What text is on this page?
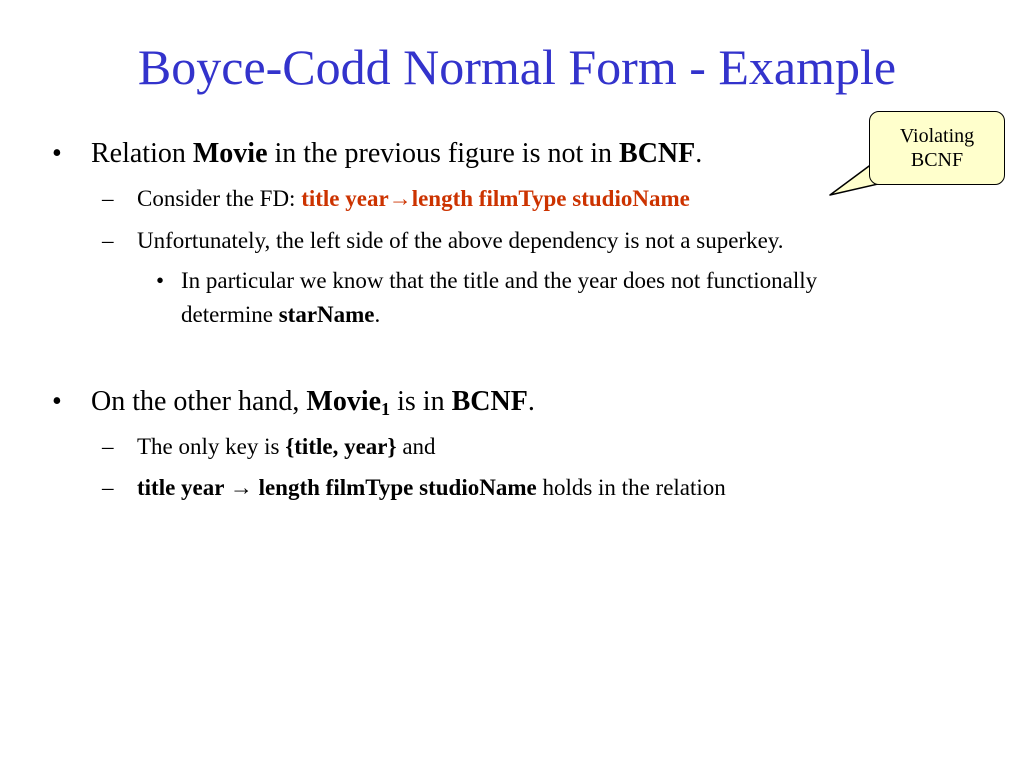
Boyce-Codd Normal Form - Example
• Relation Movie in the previous figure is not in BCNF.
– Consider the FD: title year→length filmType studioName
– Unfortunately, the left side of the above dependency is not a superkey.
• In particular we know that the title and the year does not functionally
determine starName.
• On the other hand, Movie$_1$ is in BCNF.
– The only key is {title, year} and
– title year → length filmType studioName holds in the relation
Violating
BCNF
